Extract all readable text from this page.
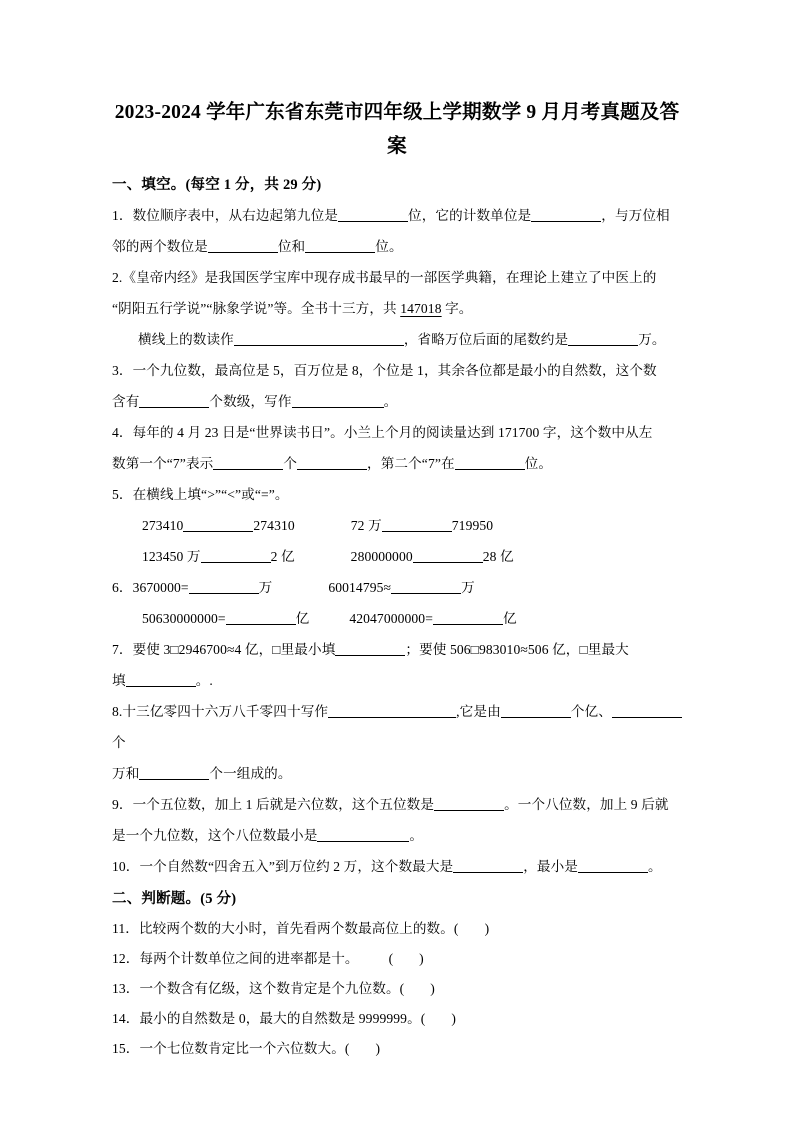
2023-2024 学年广东省东莞市四年级上学期数学 9 月月考真题及答案
一、填空。(每空 1 分，共 29 分)
1．数位顺序表中，从右边起第九位是	位，它的计数单位是	，与万位相
邻的两个数位是	位和	位。
2.《皇帝内经》是我国医学宝库中现存成书最早的一部医学典籍，在理论上建立了中医上的
“阴阳五行学说”“脉象学说”等。全书十三方，共 147018 字。
横线上的数读作	，省略万位后面的尾数约是	万。
3．一个九位数，最高位是 5，百万位是 8，个位是 1，其余各位都是最小的自然数，这个数
含有	个数级，写作	。
4．每年的 4 月 23 日是“世界读书日”。小兰上个月的阅读量达到 171700 字，这个数中从左
数第一个“7”表示	个	，第二个“7”在	位。
5．在横线上填“>”“<”或“=”。
273410	274310	72 万	719950
123450 万	2 亿	280000000	28 亿
6．3670000=	万	60014795≈	万
50630000000=	亿	42047000000=	亿
7．要使 3□2946700≈4 亿，□里最小填	；要使 506□983010≈506 亿，□里最大
填	。.
8.十三亿零四十六万八千零四十写作	,它是由	个亿、个
万和	个一组成的。
9．一个五位数，加上 1 后就是六位数，这个五位数是	。一个八位数，加上 9 后就
是一个九位数，这个八位数最小是	。
10．一个自然数“四舍五入”到万位约 2 万，这个数最大是	，最小是	。
二、判断题。(5 分)
11．比较两个数的大小时，首先看两个数最高位上的数。( )
12．每两个计数单位之间的进率都是十。 ( )
13．一个数含有亿级，这个数肯定是个九位数。( )
14．最小的自然数是 0，最大的自然数是 9999999。( )
15．一个七位数肯定比一个六位数大。( )
